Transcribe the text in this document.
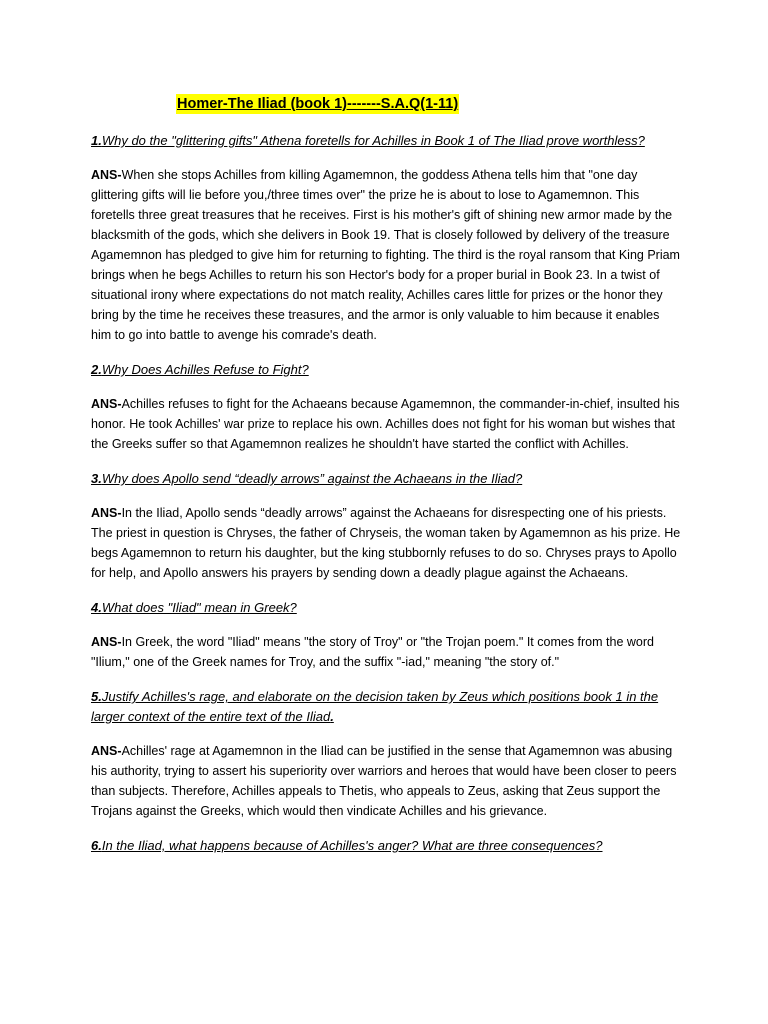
Homer-The Iliad (book 1)-------S.A.Q(1-11)

1.Why do the "glittering gifts" Athena foretells for Achilles in Book 1 of The Iliad prove worthless?

ANS-When she stops Achilles from killing Agamemnon, the goddess Athena tells him that "one day glittering gifts will lie before you,/three times over" the prize he is about to lose to Agamemnon. This foretells three great treasures that he receives. First is his mother's gift of shining new armor made by the blacksmith of the gods, which she delivers in Book 19. That is closely followed by delivery of the treasure Agamemnon has pledged to give him for returning to fighting. The third is the royal ransom that King Priam brings when he begs Achilles to return his son Hector's body for a proper burial in Book 23. In a twist of situational irony where expectations do not match reality, Achilles cares little for prizes or the honor they bring by the time he receives these treasures, and the armor is only valuable to him because it enables him to go into battle to avenge his comrade's death.

2.Why Does Achilles Refuse to Fight?

ANS-Achilles refuses to fight for the Achaeans because Agamemnon, the commander-in-chief, insulted his honor. He took Achilles' war prize to replace his own. Achilles does not fight for his woman but wishes that the Greeks suffer so that Agamemnon realizes he shouldn't have started the conflict with Achilles.

3.Why does Apollo send “deadly arrows” against the Achaeans in the Iliad?

ANS-In the Iliad, Apollo sends “deadly arrows” against the Achaeans for disrespecting one of his priests. The priest in question is Chryses, the father of Chryseis, the woman taken by Agamemnon as his prize. He begs Agamemnon to return his daughter, but the king stubbornly refuses to do so. Chryses prays to Apollo for help, and Apollo answers his prayers by sending down a deadly plague against the Achaeans.

4.What does "Iliad" mean in Greek?

ANS-In Greek, the word "Iliad" means "the story of Troy" or "the Trojan poem." It comes from the word "Ilium," one of the Greek names for Troy, and the suffix "-iad," meaning "the story of."

5.Justify Achilles's rage, and elaborate on the decision taken by Zeus which positions book 1 in the larger context of the entire text of the Iliad.

ANS-Achilles' rage at Agamemnon in the Iliad can be justified in the sense that Agamemnon was abusing his authority, trying to assert his superiority over warriors and heroes that would have been closer to peers than subjects. Therefore, Achilles appeals to Thetis, who appeals to Zeus, asking that Zeus support the Trojans against the Greeks, which would then vindicate Achilles and his grievance.

6.In the Iliad, what happens because of Achilles's anger? What are three consequences?
